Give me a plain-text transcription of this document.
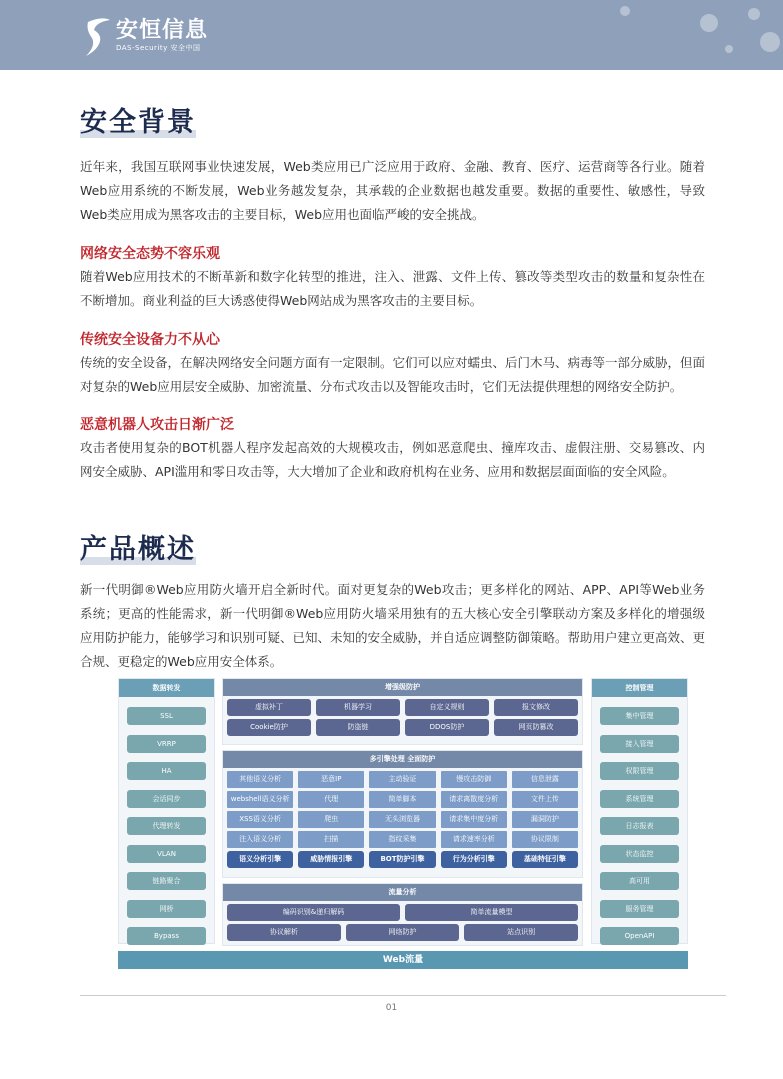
安恒信息
DAS-Security 安全中国
安全背景
近年来，我国互联网事业快速发展，Web类应用已广泛应用于政府、金融、教育、医疗、运营商等各行业。随着Web应用系统的不断发展，Web业务越发复杂，其承载的企业数据也越发重要。数据的重要性、敏感性，导致Web类应用成为黑客攻击的主要目标，Web应用也面临严峻的安全挑战。
网络安全态势不容乐观
随着Web应用技术的不断革新和数字化转型的推进，注入、泄露、文件上传、篡改等类型攻击的数量和复杂性在不断增加。商业利益的巨大诱惑使得Web网站成为黑客攻击的主要目标。
传统安全设备力不从心
传统的安全设备，在解决网络安全问题方面有一定限制。它们可以应对蠕虫、后门木马、病毒等一部分威胁，但面对复杂的Web应用层安全威胁、加密流量、分布式攻击以及智能攻击时，它们无法提供理想的网络安全防护。
恶意机器人攻击日渐广泛
攻击者使用复杂的BOT机器人程序发起高效的大规模攻击，例如恶意爬虫、撞库攻击、虚假注册、交易篡改、内网安全威胁、API滥用和零日攻击等，大大增加了企业和政府机构在业务、应用和数据层面面临的安全风险。
产品概述
新一代明御®Web应用防火墙开启全新时代。面对更复杂的Web攻击；更多样化的网站、APP、API等Web业务系统；更高的性能需求，新一代明御®Web应用防火墙采用独有的五大核心安全引擎联动方案及多样化的增强级应用防护能力，能够学习和识别可疑、已知、未知的安全威胁，并自适应调整防御策略。帮助用户建立更高效、更合规、更稳定的Web应用安全体系。
数据转发
SSL
VRRP
HA
会话同步
代理转发
VLAN
链路聚合
网桥
Bypass
增强级防护
虚拟补丁	机器学习	自定义规则	报文修改
Cookie防护	防盗链	DDOS防护	网页防篡改
多引擎处理 全面防护
其他语义分析	恶意IP	主动验证	慢攻击防御	信息泄露
webshell语义分析	代理	简单脚本	请求离散度分析	文件上传
XSS语义分析	爬虫	无头浏览器	请求集中度分析	漏洞防护
注入语义分析	扫描	指纹采集	请求速率分析	协议限制
语义分析引擎	威胁情报引擎	BOT防护引擎	行为分析引擎	基础特征引擎
流量分析
编码识别&递归解码	简单流量模型
协议解析	网络防护	站点识别
控制管理
集中管理
接入管理
权限管理
系统管理
日志报表
状态监控
高可用
服务管理
OpenAPI
Web流量
01
